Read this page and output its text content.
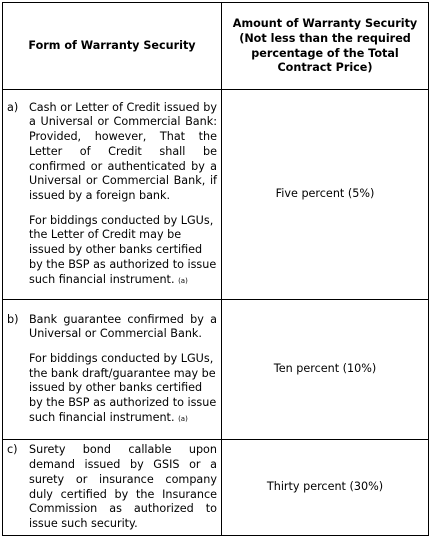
Form of Warranty Security	Amount of Warranty Security (Not less than the required percentage of the Total Contract Price)

a) Cash or Letter of Credit issued by a Universal or Commercial Bank: Provided, however, That the Letter of Credit shall be confirmed or authenticated by a Universal or Commercial Bank, if issued by a foreign bank.
For biddings conducted by LGUs, the Letter of Credit may be issued by other banks certified by the BSP as authorized to issue such financial instrument. (a)	Five percent (5%)

b) Bank guarantee confirmed by a Universal or Commercial Bank.
For biddings conducted by LGUs, the bank draft/guarantee may be issued by other banks certified by the BSP as authorized to issue such financial instrument. (a)	Ten percent (10%)

c) Surety bond callable upon demand issued by GSIS or a surety or insurance company duly certified by the Insurance Commission as authorized to issue such security.	Thirty percent (30%)
